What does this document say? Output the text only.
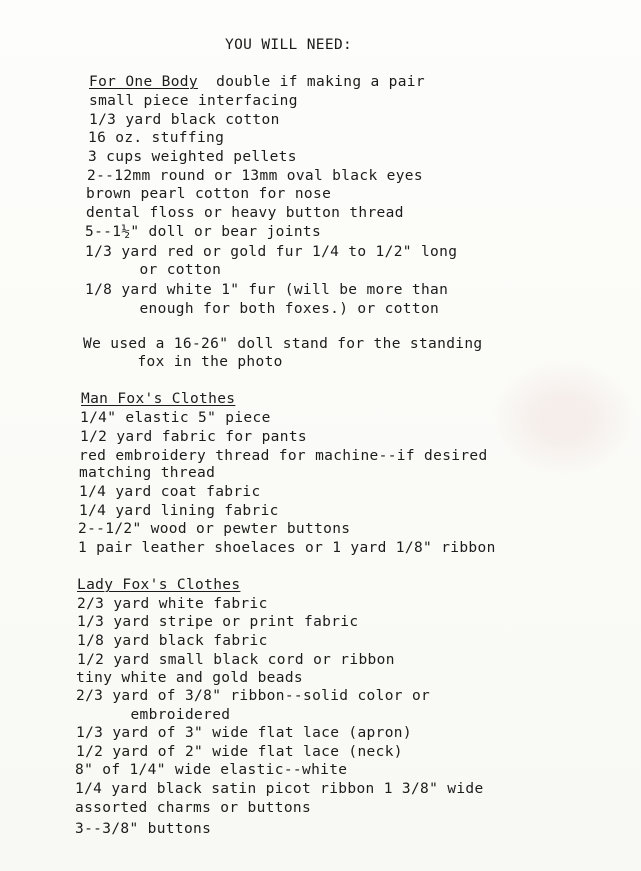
YOU WILL NEED:
For One Body  double if making a pair
small piece interfacing
1/3 yard black cotton
16 oz. stuffing
3 cups weighted pellets
2--12mm round or 13mm oval black eyes
brown pearl cotton for nose
dental floss or heavy button thread
5--1½" doll or bear joints
1/3 yard red or gold fur 1/4 to 1/2" long
or cotton
1/8 yard white 1" fur (will be more than
enough for both foxes.) or cotton
We used a 16-26" doll stand for the standing
fox in the photo
Man Fox's Clothes
1/4" elastic 5" piece
1/2 yard fabric for pants
red embroidery thread for machine--if desired
matching thread
1/4 yard coat fabric
1/4 yard lining fabric
2--1/2" wood or pewter buttons
1 pair leather shoelaces or 1 yard 1/8" ribbon
Lady Fox's Clothes
2/3 yard white fabric
1/3 yard stripe or print fabric
1/8 yard black fabric
1/2 yard small black cord or ribbon
tiny white and gold beads
2/3 yard of 3/8" ribbon--solid color or
embroidered
1/3 yard of 3" wide flat lace (apron)
1/2 yard of 2" wide flat lace (neck)
8" of 1/4" wide elastic--white
1/4 yard black satin picot ribbon 1 3/8" wide
assorted charms or buttons
3--3/8" buttons
